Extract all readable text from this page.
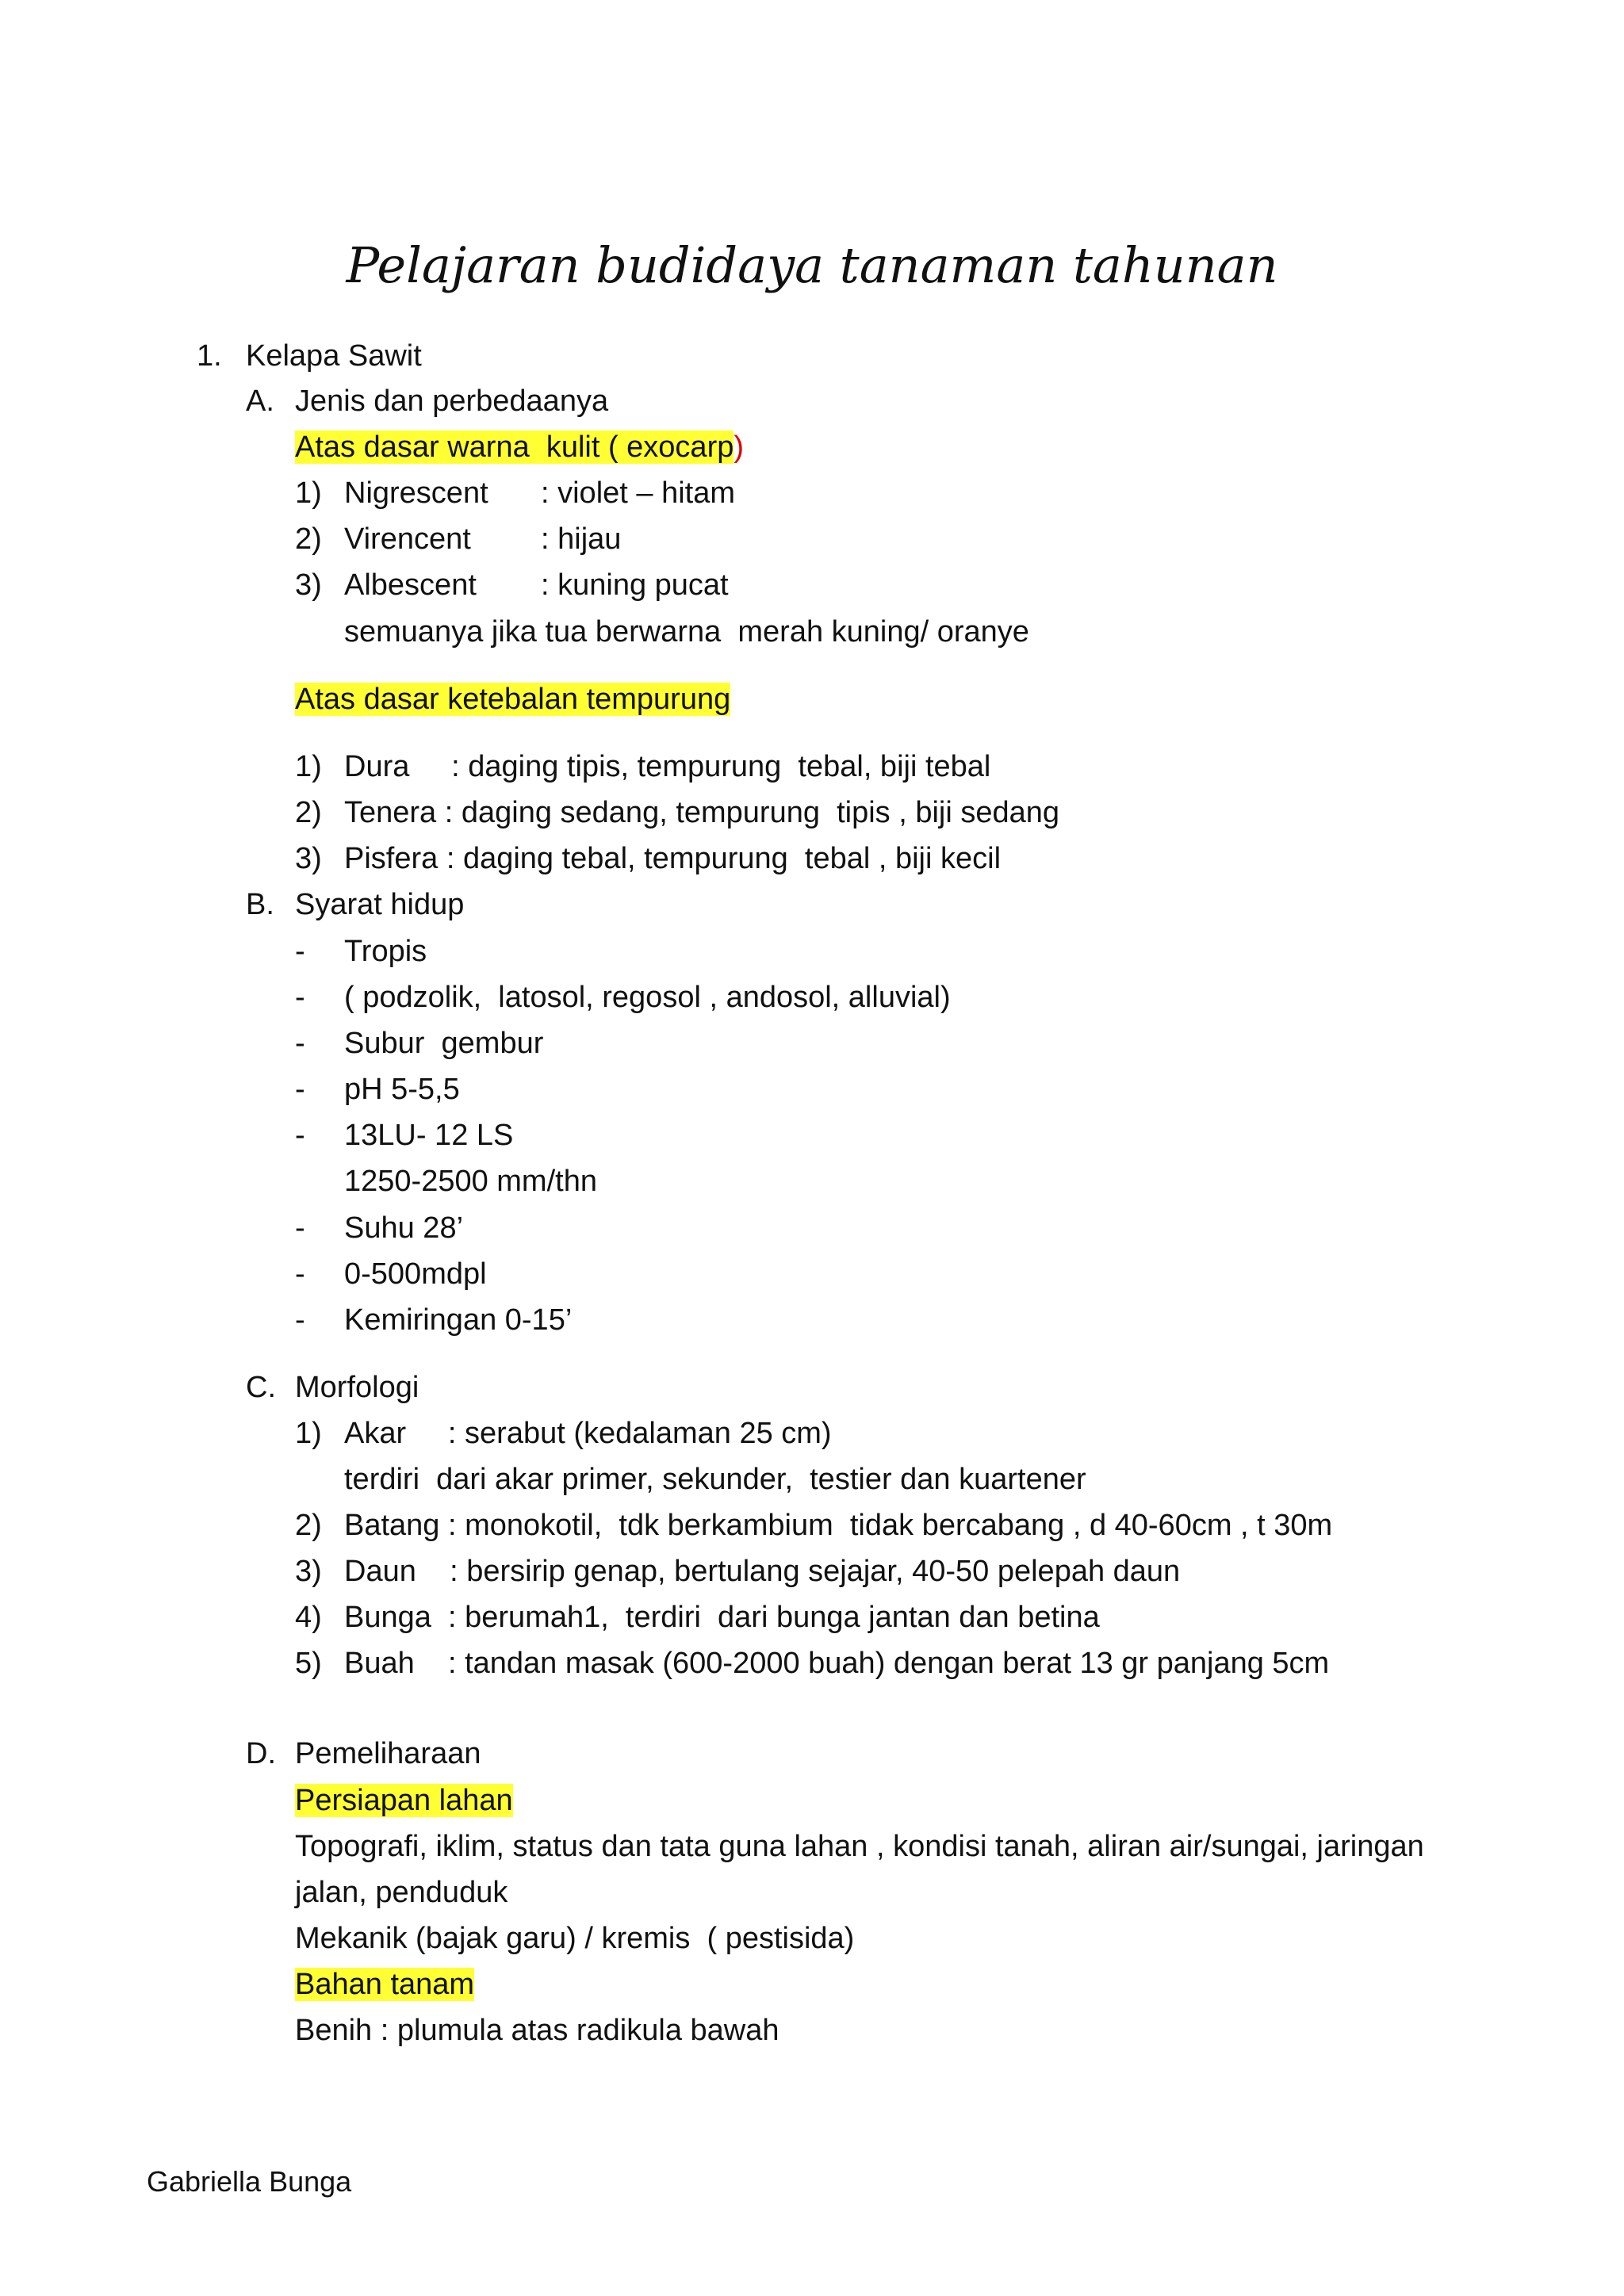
Pelajaran budidaya tanaman tahunan
1. Kelapa Sawit
A. Jenis dan perbedaanya
Atas dasar warna  kulit ( exocarp)
1) Nigrescent : violet – hitam
2) Virencent : hijau
3) Albescent : kuning pucat
semuanya jika tua berwarna  merah kuning/ oranye
Atas dasar ketebalan tempurung
1) Dura     : daging tipis, tempurung  tebal, biji tebal
2) Tenera : daging sedang, tempurung  tipis , biji sedang
3) Pisfera : daging tebal, tempurung  tebal , biji kecil
B. Syarat hidup
- Tropis
- ( podzolik,  latosol, regosol , andosol, alluvial)
- Subur  gembur
- pH 5-5,5
- 13LU- 12 LS
1250-2500 mm/thn
- Suhu 28’
- 0-500mdpl
- Kemiringan 0-15’
C. Morfologi
1) Akar     : serabut (kedalaman 25 cm)
terdiri  dari akar primer, sekunder,  testier dan kuartener
2) Batang : monokotil,  tdk berkambium  tidak bercabang , d 40-60cm , t 30m
3) Daun    : bersirip genap, bertulang sejajar, 40-50 pelepah daun
4) Bunga  : berumah1,  terdiri  dari bunga jantan dan betina
5) Buah    : tandan masak (600-2000 buah) dengan berat 13 gr panjang 5cm
D. Pemeliharaan
Persiapan lahan
Topografi, iklim, status dan tata guna lahan , kondisi tanah, aliran air/sungai, jaringan
jalan, penduduk
Mekanik (bajak garu) / kremis  ( pestisida)
Bahan tanam
Benih : plumula atas radikula bawah
Gabriella Bunga
